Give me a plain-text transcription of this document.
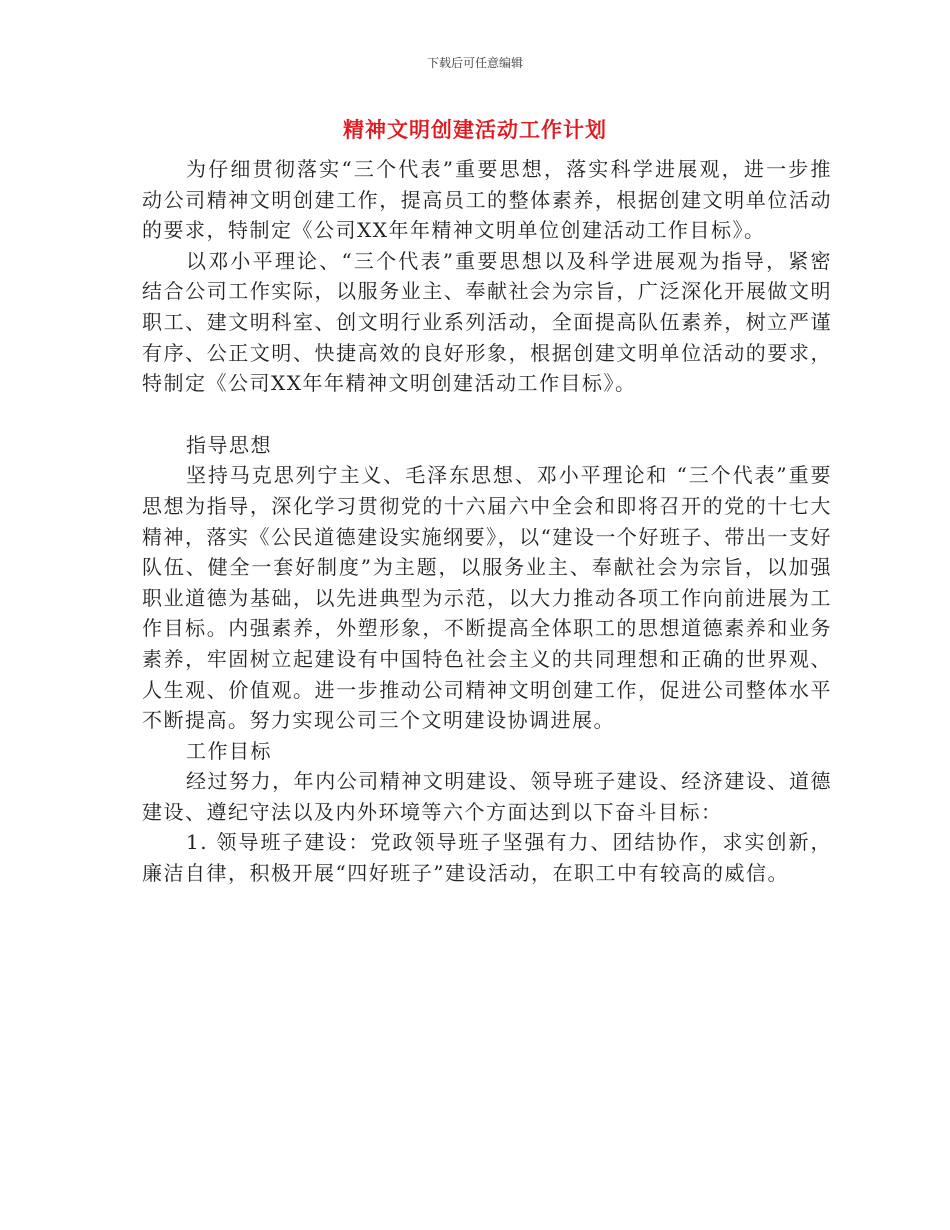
下载后可任意编辑
精神文明创建活动工作计划

为仔细贯彻落实“三个代表”重要思想，落实科学进展观，进一步推动公司精神文明创建工作，提高员工的整体素养，根据创建文明单位活动的要求，特制定《公司XX年年精神文明单位创建活动工作目标》。

以邓小平理论、“三个代表”重要思想以及科学进展观为指导，紧密结合公司工作实际，以服务业主、奉献社会为宗旨，广泛深化开展做文明职工、建文明科室、创文明行业系列活动，全面提高队伍素养，树立严谨有序、公正文明、快捷高效的良好形象，根据创建文明单位活动的要求，特制定《公司XX年年精神文明创建活动工作目标》。

指导思想

坚持马克思列宁主义、毛泽东思想、邓小平理论和 “三个代表”重要思想为指导，深化学习贯彻党的十六届六中全会和即将召开的党的十七大精神，落实《公民道德建设实施纲要》，以“建设一个好班子、带出一支好队伍、健全一套好制度”为主题，以服务业主、奉献社会为宗旨，以加强职业道德为基础，以先进典型为示范，以大力推动各项工作向前进展为工作目标。内强素养，外塑形象，不断提高全体职工的思想道德素养和业务素养，牢固树立起建设有中国特色社会主义的共同理想和正确的世界观、人生观、价值观。进一步推动公司精神文明创建工作，促进公司整体水平不断提高。努力实现公司三个文明建设协调进展。

工作目标

经过努力，年内公司精神文明建设、领导班子建设、经济建设、道德建设、遵纪守法以及内外环境等六个方面达到以下奋斗目标：

1. 领导班子建设：党政领导班子坚强有力、团结协作，求实创新，廉洁自律，积极开展“四好班子”建设活动，在职工中有较高的威信。
